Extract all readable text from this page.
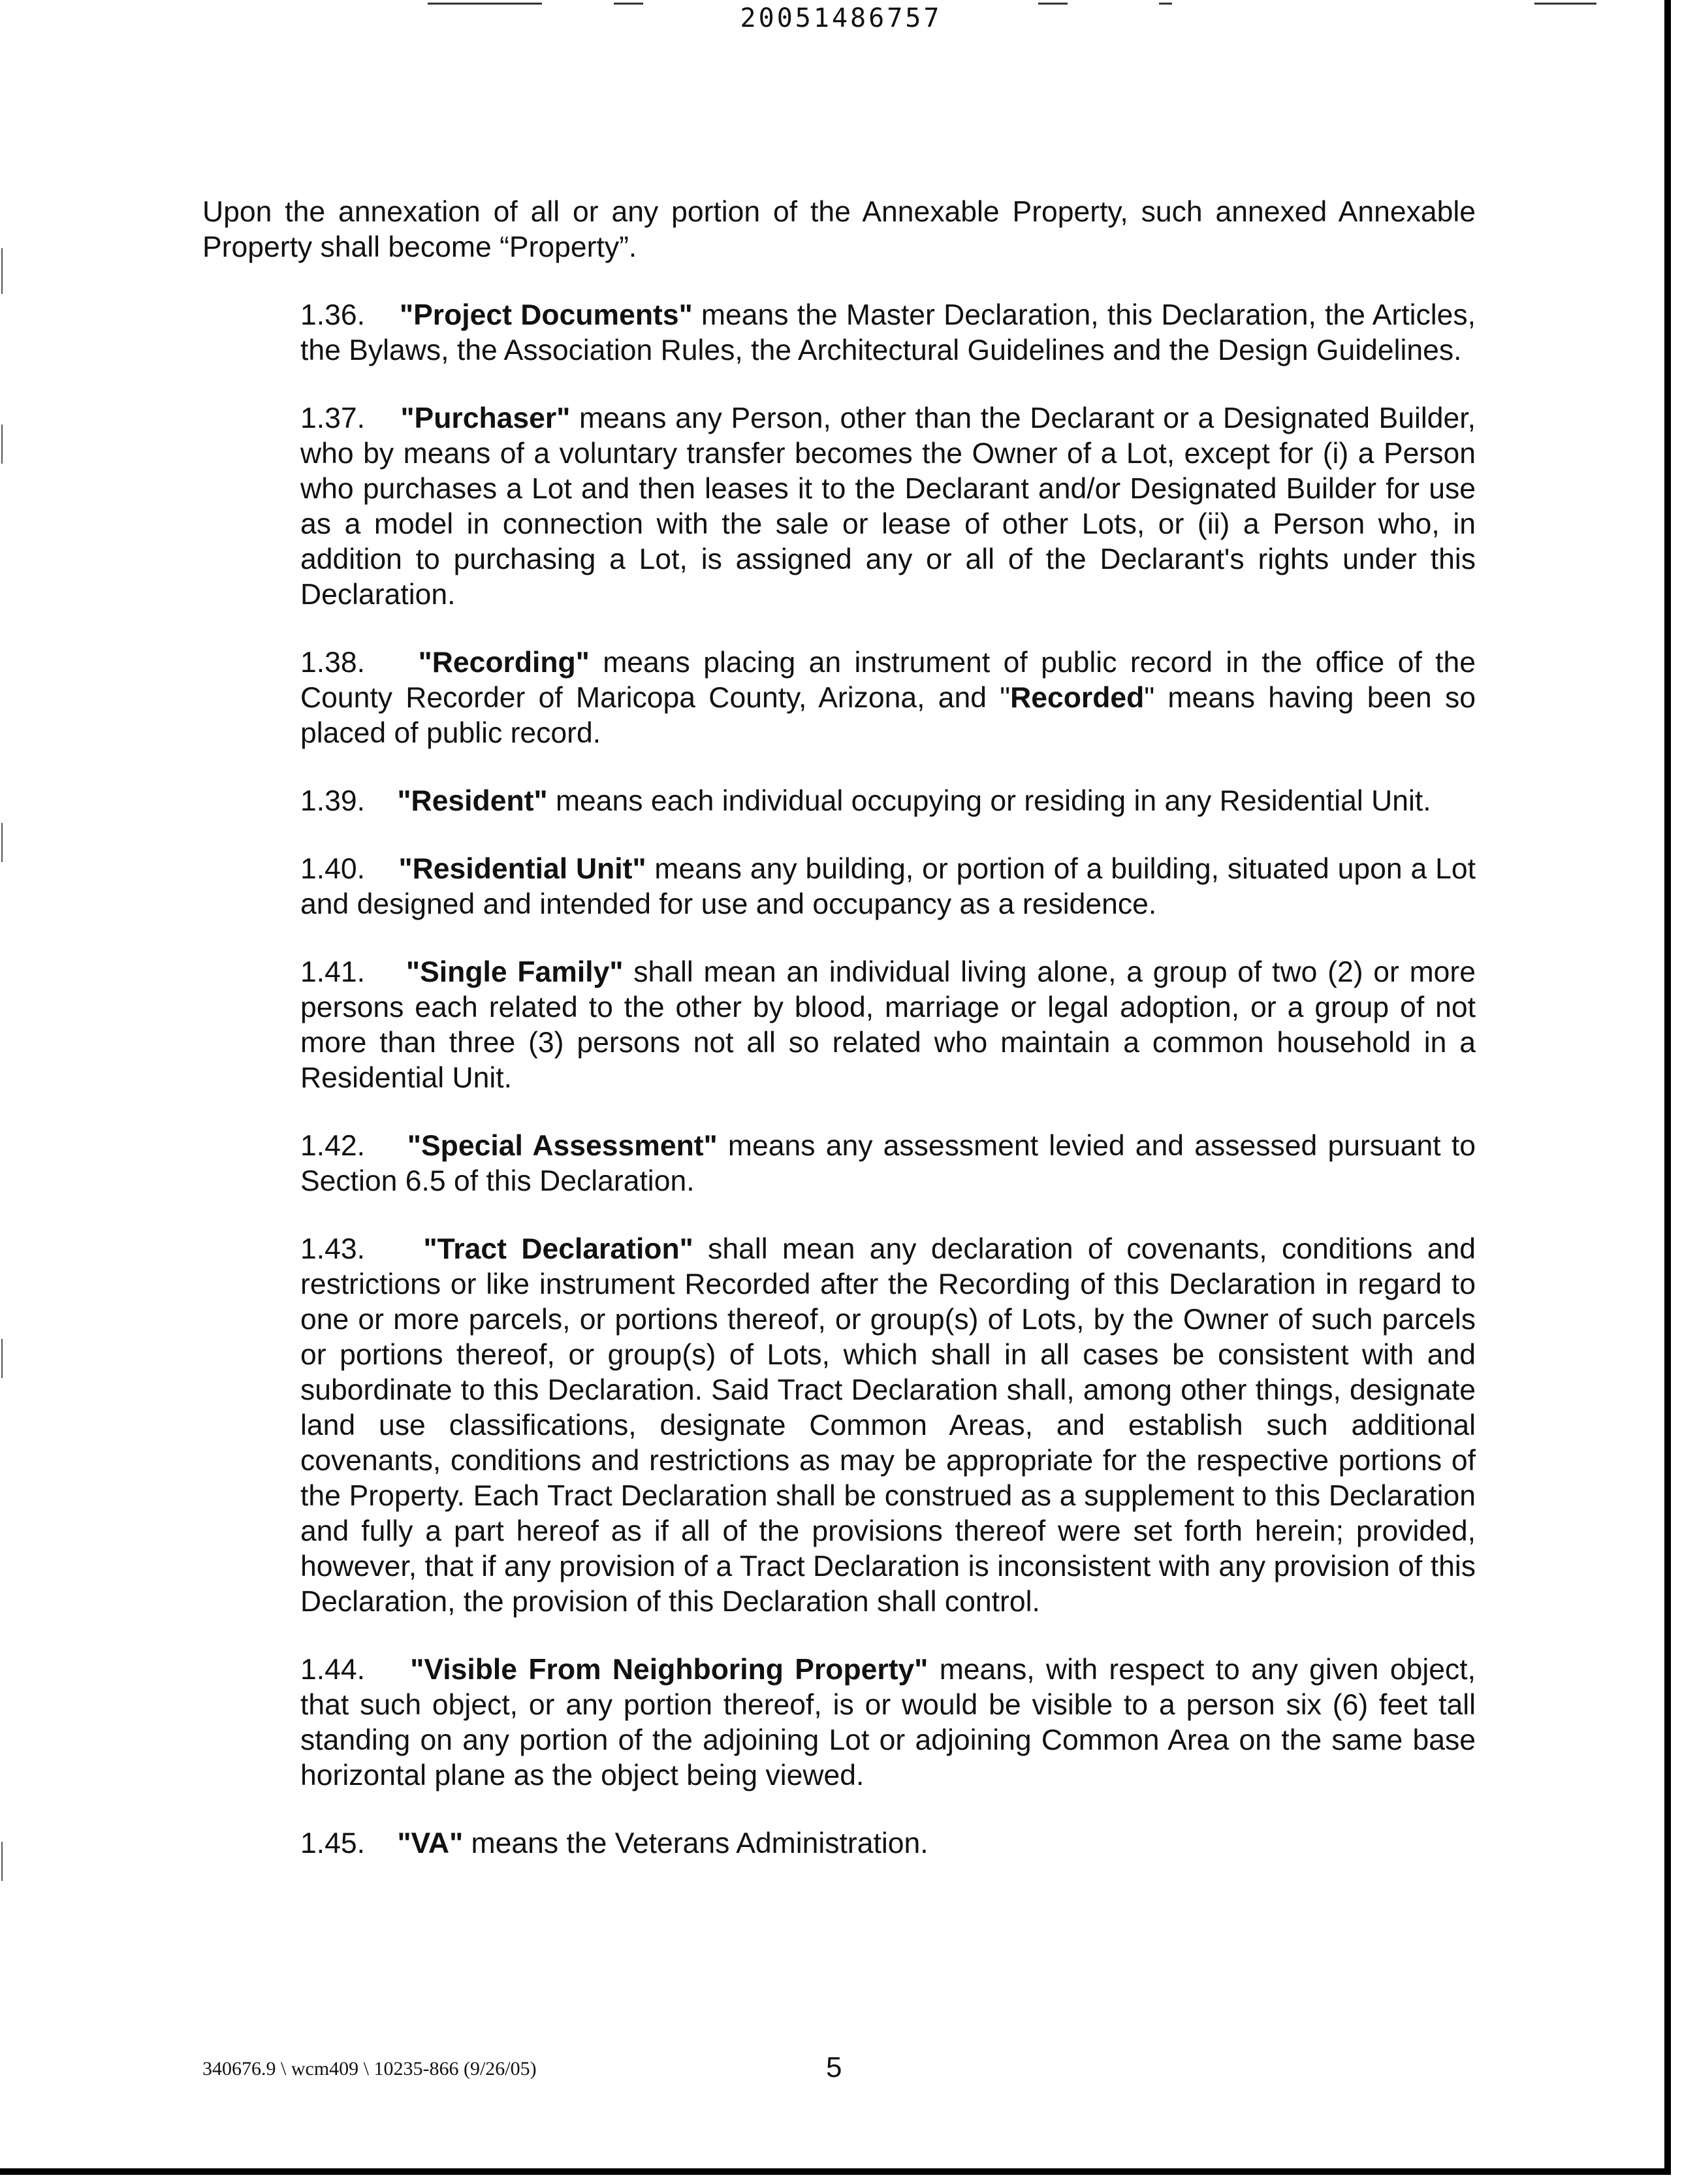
20051486757

Upon the annexation of all or any portion of the Annexable Property, such annexed Annexable Property shall become “Property”.

1.36. "Project Documents" means the Master Declaration, this Declaration, the Articles, the Bylaws, the Association Rules, the Architectural Guidelines and the Design Guidelines.

1.37. "Purchaser" means any Person, other than the Declarant or a Designated Builder, who by means of a voluntary transfer becomes the Owner of a Lot, except for (i) a Person who purchases a Lot and then leases it to the Declarant and/or Designated Builder for use as a model in connection with the sale or lease of other Lots, or (ii) a Person who, in addition to purchasing a Lot, is assigned any or all of the Declarant's rights under this Declaration.

1.38. "Recording" means placing an instrument of public record in the office of the County Recorder of Maricopa County, Arizona, and "Recorded" means having been so placed of public record.

1.39. "Resident" means each individual occupying or residing in any Residential Unit.

1.40. "Residential Unit" means any building, or portion of a building, situated upon a Lot and designed and intended for use and occupancy as a residence.

1.41. "Single Family" shall mean an individual living alone, a group of two (2) or more persons each related to the other by blood, marriage or legal adoption, or a group of not more than three (3) persons not all so related who maintain a common household in a Residential Unit.

1.42. "Special Assessment" means any assessment levied and assessed pursuant to Section 6.5 of this Declaration.

1.43. "Tract Declaration" shall mean any declaration of covenants, conditions and restrictions or like instrument Recorded after the Recording of this Declaration in regard to one or more parcels, or portions thereof, or group(s) of Lots, by the Owner of such parcels or portions thereof, or group(s) of Lots, which shall in all cases be consistent with and subordinate to this Declaration. Said Tract Declaration shall, among other things, designate land use classifications, designate Common Areas, and establish such additional covenants, conditions and restrictions as may be appropriate for the respective portions of the Property. Each Tract Declaration shall be construed as a supplement to this Declaration and fully a part hereof as if all of the provisions thereof were set forth herein; provided, however, that if any provision of a Tract Declaration is inconsistent with any provision of this Declaration, the provision of this Declaration shall control.

1.44. "Visible From Neighboring Property" means, with respect to any given object, that such object, or any portion thereof, is or would be visible to a person six (6) feet tall standing on any portion of the adjoining Lot or adjoining Common Area on the same base horizontal plane as the object being viewed.

1.45. "VA" means the Veterans Administration.

340676.9 \ wcm409 \ 10235-866 (9/26/05)	5
